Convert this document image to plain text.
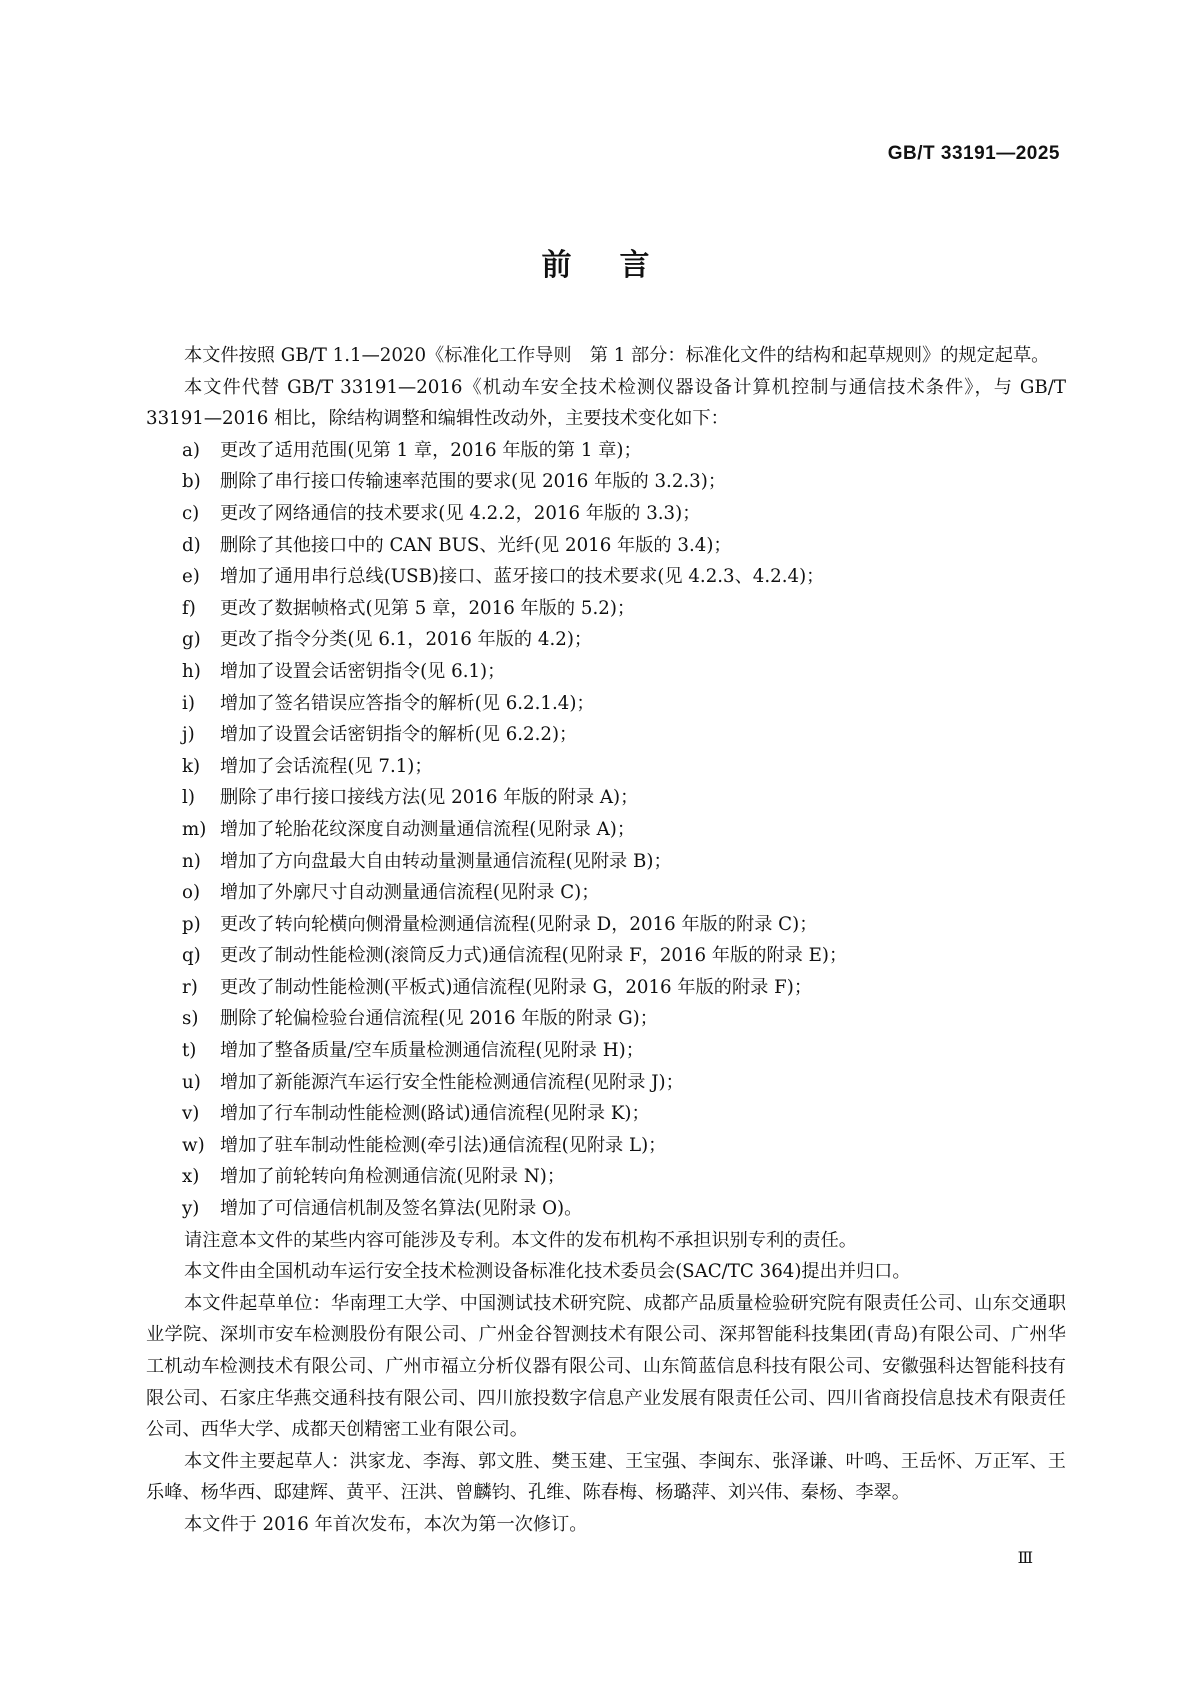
GB/T 33191—2025
前言

本文件按照 GB/T 1.1—2020《标准化工作导则　第 1 部分：标准化文件的结构和起草规则》的规定起草。

本文件代替 GB/T 33191—2016《机动车安全技术检测仪器设备计算机控制与通信技术条件》，与 GB/T 33191—2016 相比，除结构调整和编辑性改动外，主要技术变化如下：

a) 更改了适用范围(见第 1 章，2016 年版的第 1 章)；
b) 删除了串行接口传输速率范围的要求(见 2016 年版的 3.2.3)；
c) 更改了网络通信的技术要求(见 4.2.2，2016 年版的 3.3)；
d) 删除了其他接口中的 CAN BUS、光纤(见 2016 年版的 3.4)；
e) 增加了通用串行总线(USB)接口、蓝牙接口的技术要求(见 4.2.3、4.2.4)；
f) 更改了数据帧格式(见第 5 章，2016 年版的 5.2)；
g) 更改了指令分类(见 6.1，2016 年版的 4.2)；
h) 增加了设置会话密钥指令(见 6.1)；
i) 增加了签名错误应答指令的解析(见 6.2.1.4)；
j) 增加了设置会话密钥指令的解析(见 6.2.2)；
k) 增加了会话流程(见 7.1)；
l) 删除了串行接口接线方法(见 2016 年版的附录 A)；
m) 增加了轮胎花纹深度自动测量通信流程(见附录 A)；
n) 增加了方向盘最大自由转动量测量通信流程(见附录 B)；
o) 增加了外廓尺寸自动测量通信流程(见附录 C)；
p) 更改了转向轮横向侧滑量检测通信流程(见附录 D，2016 年版的附录 C)；
q) 更改了制动性能检测(滚筒反力式)通信流程(见附录 F，2016 年版的附录 E)；
r) 更改了制动性能检测(平板式)通信流程(见附录 G，2016 年版的附录 F)；
s) 删除了轮偏检验台通信流程(见 2016 年版的附录 G)；
t) 增加了整备质量/空车质量检测通信流程(见附录 H)；
u) 增加了新能源汽车运行安全性能检测通信流程(见附录 J)；
v) 增加了行车制动性能检测(路试)通信流程(见附录 K)；
w) 增加了驻车制动性能检测(牵引法)通信流程(见附录 L)；
x) 增加了前轮转向角检测通信流(见附录 N)；
y) 增加了可信通信机制及签名算法(见附录 O)。

请注意本文件的某些内容可能涉及专利。本文件的发布机构不承担识别专利的责任。

本文件由全国机动车运行安全技术检测设备标准化技术委员会(SAC/TC 364)提出并归口。

本文件起草单位：华南理工大学、中国测试技术研究院、成都产品质量检验研究院有限责任公司、山东交通职业学院、深圳市安车检测股份有限公司、广州金谷智测技术有限公司、深邦智能科技集团(青岛)有限公司、广州华工机动车检测技术有限公司、广州市福立分析仪器有限公司、山东简蓝信息科技有限公司、安徽强科达智能科技有限公司、石家庄华燕交通科技有限公司、四川旅投数字信息产业发展有限责任公司、四川省商投信息技术有限责任公司、西华大学、成都天创精密工业有限公司。

本文件主要起草人：洪家龙、李海、郭文胜、樊玉建、王宝强、李闽东、张泽谦、叶鸣、王岳怀、万正军、王乐峰、杨华西、邸建辉、黄平、汪洪、曾麟钧、孔维、陈春梅、杨璐萍、刘兴伟、秦杨、李翠。

本文件于 2016 年首次发布，本次为第一次修订。

Ⅲ
